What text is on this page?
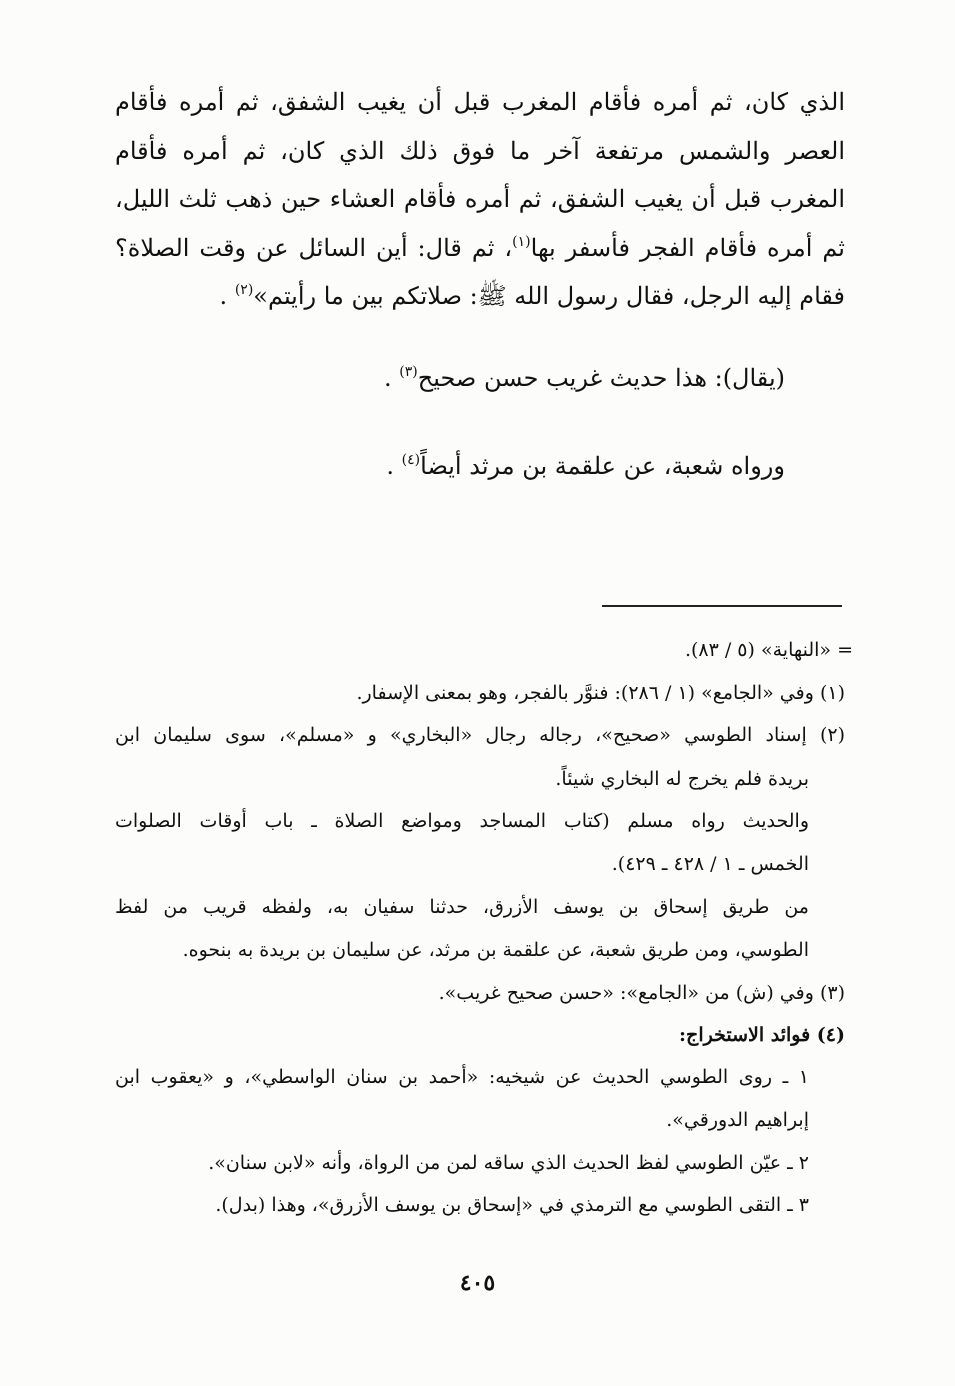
الذي كان، ثم أمره فأقام المغرب قبل أن يغيب الشفق، ثم أمره فأقام العصر والشمس مرتفعة آخر ما فوق ذلك الذي كان، ثم أمره فأقام المغرب قبل أن يغيب الشفق، ثم أمره فأقام العشاء حين ذهب ثلث الليل، ثم أمره فأقام الفجر فأسفر بها$^{(١)}$، ثم قال: أين السائل عن وقت الصلاة؟ فقام إليه الرجل، فقال رسول الله ﷺ: صلاتكم بين ما رأيتم»$^{(٢)}$ .

(يقال): هذا حديث غريب حسن صحيح$^{(٣)}$ .
ورواه شعبة، عن علقمة بن مرثد أيضاً$^{(٤)}$ .
= «النهاية» (٥ / ٨٣).
(١) وفي «الجامع» (١ / ٢٨٦): فنوَّر بالفجر، وهو بمعنى الإسفار.
(٢) إسناد الطوسي «صحيح»، رجاله رجال «البخاري» و «مسلم»، سوى سليمان ابن
بريدة فلم يخرج له البخاري شيئاً.
والحديث رواه مسلم (كتاب المساجد ومواضع الصلاة ـ باب أوقات الصلوات
الخمس ـ ١ / ٤٢٨ ـ ٤٢٩).
من طريق إسحاق بن يوسف الأزرق، حدثنا سفيان به، ولفظه قريب من لفظ
الطوسي، ومن طريق شعبة، عن علقمة بن مرثد، عن سليمان بن بريدة به بنحوه.
(٣) وفي (ش) من «الجامع»: «حسن صحيح غريب».
(٤) فوائد الاستخراج:
١ ـ روى الطوسي الحديث عن شيخيه: «أحمد بن سنان الواسطي»، و «يعقوب ابن
إبراهيم الدورقي».
٢ ـ عيّن الطوسي لفظ الحديث الذي ساقه لمن من الرواة، وأنه «لابن سنان».
٣ ـ التقى الطوسي مع الترمذي في «إسحاق بن يوسف الأزرق»، وهذا (بدل).
٤٠٥
